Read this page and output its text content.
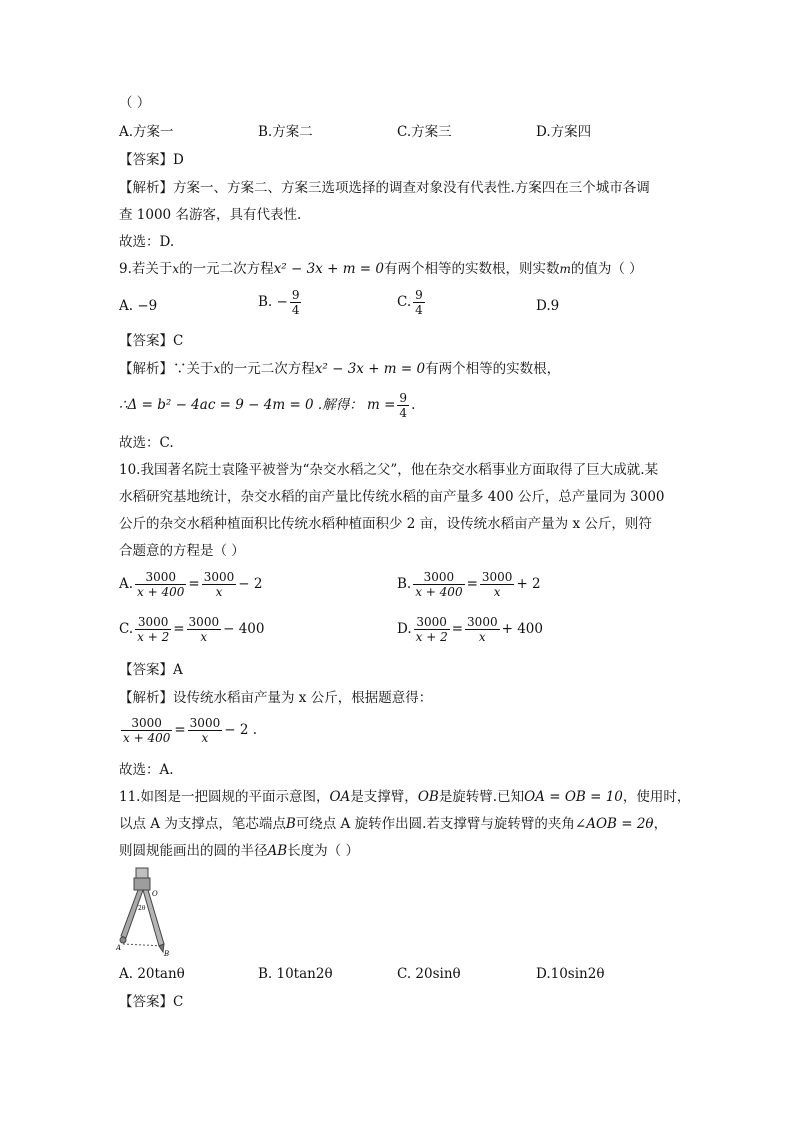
（ ）
A.方案一	B.方案二	C.方案三	D.方案四
【答案】D
【解析】方案一、方案二、方案三选项选择的调查对象没有代表性.方案四在三个城市各调
查 1000 名游客，具有代表性.
故选：D.
9.若关于x的一元二次方程x² − 3x + m = 0有两个相等的实数根，则实数m的值为（ ）
A. −9	B. − $\frac{9}{4}$	C. $\frac{9}{4}$	D.9
【答案】C
【解析】∵关于x的一元二次方程x² − 3x + m = 0有两个相等的实数根，
∴Δ = b² − 4ac = 9 − 4m = 0 .解得： $m = \frac{9}{4}$ .
故选：C.
10.我国著名院士袁隆平被誉为“杂交水稻之父”，他在杂交水稻事业方面取得了巨大成就.某
水稻研究基地统计，杂交水稻的亩产量比传统水稻的亩产量多 400 公斤，总产量同为 3000
公斤的杂交水稻种植面积比传统水稻种植面积少 2 亩，设传统水稻亩产量为 x 公斤，则符
合题意的方程是（ ）
A. $\frac{3000}{x + 400} = \frac{3000}{x} - 2$	B. $\frac{3000}{x + 400} = \frac{3000}{x} + 2$
C. $\frac{3000}{x + 2} = \frac{3000}{x} - 400$	D. $\frac{3000}{x + 2} = \frac{3000}{x} + 400$
【答案】A
【解析】设传统水稻亩产量为 x 公斤，根据题意得：
$\frac{3000}{x + 400} = \frac{3000}{x} - 2$ .
故选：A.
11.如图是一把圆规的平面示意图，OA是支撑臂，OB是旋转臂.已知OA = OB = 10，使用时，
以点 A 为支撑点，笔芯端点B可绕点 A 旋转作出圆.若支撑臂与旋转臂的夹角∠AOB = 2θ，
则圆规能画出的圆的半径AB长度为（ ）
O
2θ
A
B
A. 20tanθ	B. 10tan2θ	C. 20sinθ	D.10sin2θ
【答案】C
